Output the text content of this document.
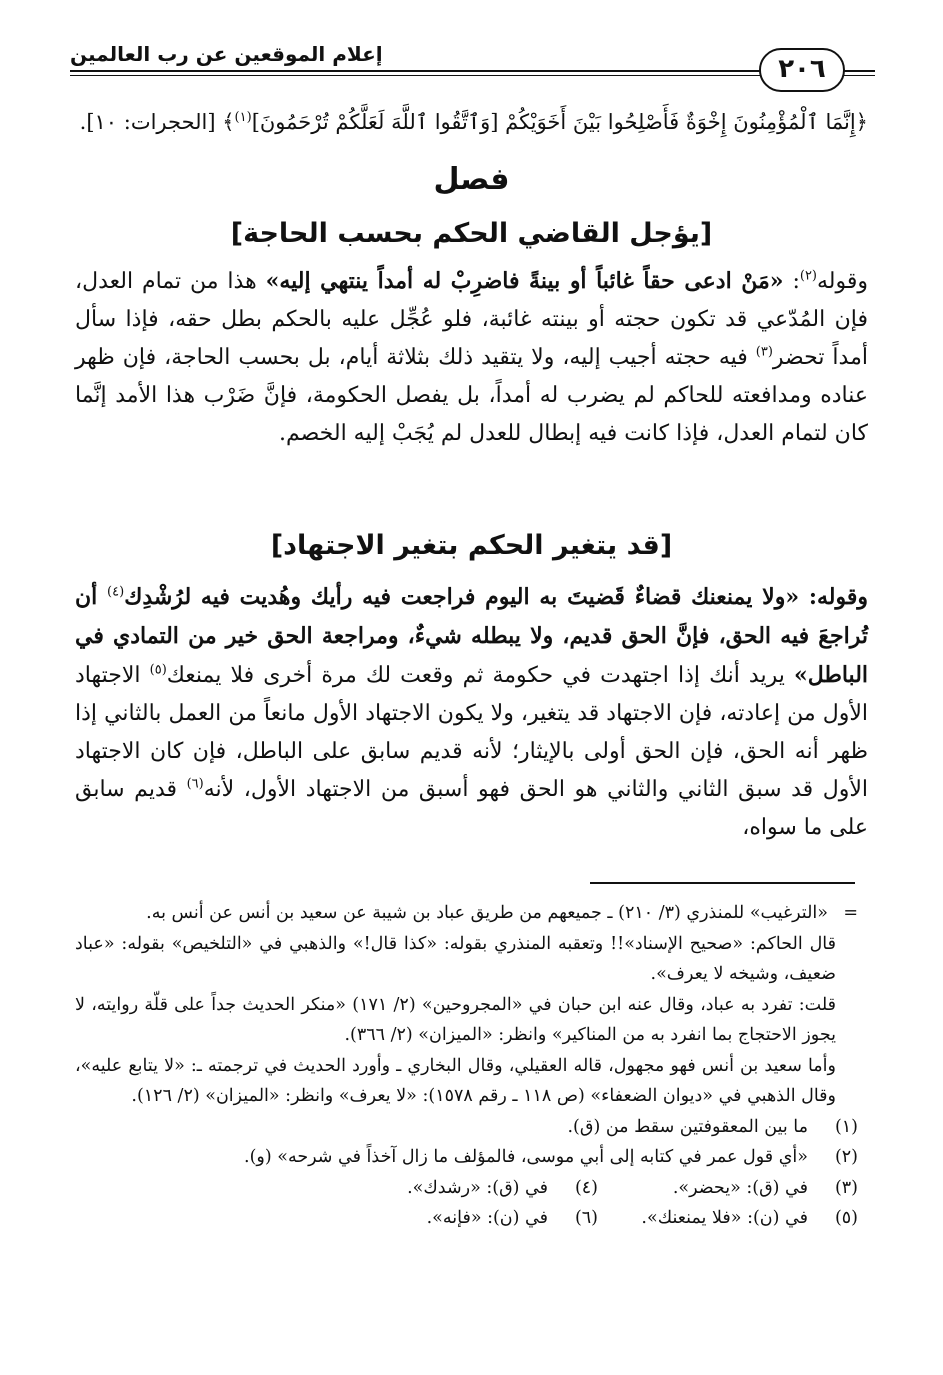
٢٠٦
إعلام الموقعين عن رب العالمين
﴿إِنَّمَا ٱلْمُؤْمِنُونَ إِخْوَةٌ فَأَصْلِحُوا بَيْنَ أَخَوَيْكُمْ [وَٱتَّقُوا ٱللَّهَ لَعَلَّكُمْ تُرْحَمُونَ]$^{(١)}$﴾ [الحجرات: ١٠].
فصل
[يؤجل القاضي الحكم بحسب الحاجة]
وقوله$^{(٢)}$: «مَنْ ادعى حقاً غائباً أو بينةً فاضرِبْ له أمداً ينتهي إليه» هذا من تمام العدل، فإن المُدّعي قد تكون حجته أو بينته غائبة، فلو عُجِّل عليه بالحكم بطل حقه، فإذا سأل أمداً تحضر$^{(٣)}$ فيه حجته أجيب إليه، ولا يتقيد ذلك بثلاثة أيام، بل بحسب الحاجة، فإن ظهر عناده ومدافعته للحاكم لم يضرب له أمداً، بل يفصل الحكومة، فإنَّ ضَرْب هذا الأمد إنَّما كان لتمام العدل، فإذا كانت فيه إبطال للعدل لم يُجَبْ إليه الخصم.
[قد يتغير الحكم بتغير الاجتهاد]
وقوله: «ولا يمنعنك قضاءٌ قَضيتَ به اليوم فراجعت فيه رأيك وهُديت فيه لرُشْدِك$^{(٤)}$ أن تُراجعَ فيه الحق، فإنَّ الحق قديم، ولا يبطله شيءٌ، ومراجعة الحق خير من التمادي في الباطل» يريد أنك إذا اجتهدت في حكومة ثم وقعت لك مرة أخرى فلا يمنعك$^{(٥)}$ الاجتهاد الأول من إعادته، فإن الاجتهاد قد يتغير، ولا يكون الاجتهاد الأول مانعاً من العمل بالثاني إذا ظهر أنه الحق، فإن الحق أولى بالإيثار؛ لأنه قديم سابق على الباطل، فإن كان الاجتهاد الأول قد سبق الثاني والثاني هو الحق فهو أسبق من الاجتهاد الأول، لأنه$^{(٦)}$ قديم سابق على ما سواه،

=
«الترغيب» للمنذري (٣/ ٢١٠) ـ جميعهم من طريق عباد بن شيبة عن سعيد بن أنس عن أنس به.

قال الحاكم: «صحيح الإسناد»!! وتعقبه المنذري بقوله: «كذا قال!» والذهبي في «التلخيص» بقوله: «عباد ضعيف، وشيخه لا يعرف».

قلت: تفرد به عباد، وقال عنه ابن حبان في «المجروحين» (٢/ ١٧١) «منكر الحديث جداً على قلّة روايته، لا يجوز الاحتجاج بما انفرد به من المناكير» وانظر: «الميزان» (٢/ ٣٦٦).

وأما سعيد بن أنس فهو مجهول، قاله العقيلي، وقال البخاري ـ وأورد الحديث في ترجمته ـ: «لا يتابع عليه»، وقال الذهبي في «ديوان الضعفاء» (ص ١١٨ ـ رقم ١٥٧٨): «لا يعرف» وانظر: «الميزان» (٢/ ١٢٦).

(١)
ما بين المعقوفتين سقط من (ق).
(٢)
«أي قول عمر في كتابه إلى أبي موسى، فالمؤلف ما زال آخذاً في شرحه» (و).
(٣)
في (ق): «يحضر».
(٤)
في (ق): «رشدك».
(٥)
في (ن): «فلا يمنعنك».
(٦)
في (ن): «فإنه».
